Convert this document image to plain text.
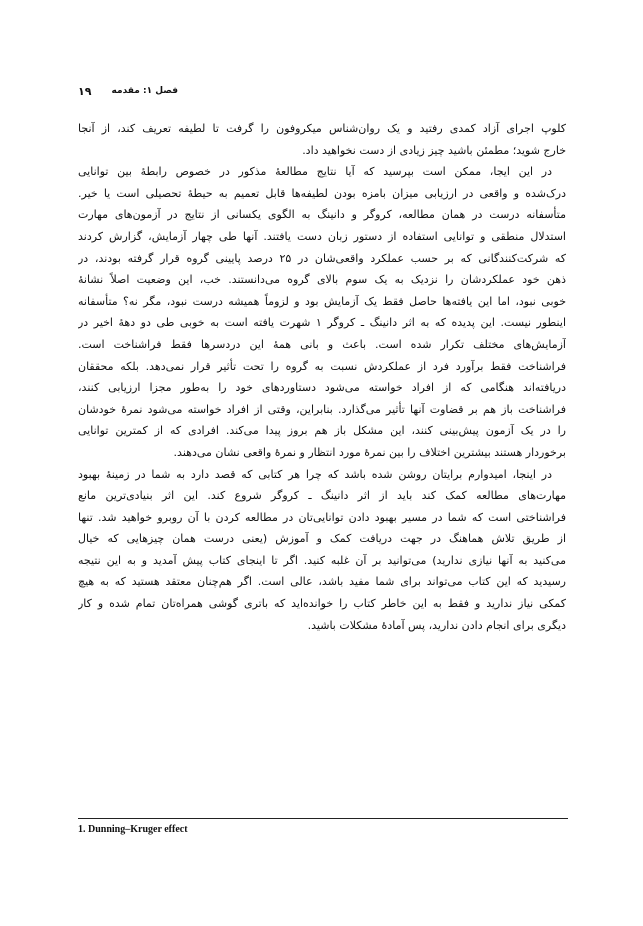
۱۹ فصل ۱: مقدمه
کلوپ اجرای آزاد کمدی رفتید و یک روان‌شناس میکروفون را گرفت تا لطیفه تعریف کند، از آنجا
خارج شوید؛ مطمئن باشید چیز زیادی از دست نخواهید داد.
در این ایجا، ممکن است بپرسید که آیا نتایج مطالعهٔ مذکور در خصوص رابطهٔ بین توانایی
درک‌شده و واقعی در ارزیابی میزان بامزه بودن لطیفه‌ها قابل تعمیم به حیطهٔ تحصیلی است یا خیر.
متأسفانه درست در همان مطالعه، کروگر و دانینگ به الگوی یکسانی از نتایج در آزمون‌های مهارت
استدلال منطقی و توانایی استفاده از دستور زبان دست یافتند. آنها طی چهار آزمایش، گزارش کردند
که شرکت‌کنندگانی که بر حسب عملکرد واقعی‌شان در ۲۵ درصد پایینی گروه قرار گرفته بودند، در
ذهن خود عملکردشان را نزدیک به یک سوم بالای گروه می‌دانستند. خب، این وضعیت اصلاً نشانهٔ
خوبی نبود، اما این یافته‌ها حاصل فقط یک آزمایش بود و لزوماً همیشه درست نبود، مگر نه؟ متأسفانه
اینطور نیست. این پدیده که به اثر دانینگ ـ کروگر ۱ شهرت یافته است به خوبی طی دو دههٔ اخیر در
آزمایش‌های مختلف تکرار شده است. باعث و بانی همهٔ این دردسرها فقط فراشناخت است.
فراشناخت فقط برآورد فرد از عملکردش نسبت به گروه را تحت تأثیر قرار نمی‌دهد. بلکه محققان
دریافته‌اند هنگامی که از افراد خواسته می‌شود دستاوردهای خود را به‌طور مجزا ارزیابی کنند،
فراشناخت باز هم بر قضاوت آنها تأثیر می‌گذارد. بنابراین، وقتی از افراد خواسته می‌شود نمرهٔ خودشان
را در یک آزمون پیش‌بینی کنند، این مشکل باز هم بروز پیدا می‌کند. افرادی که از کمترین توانایی
برخوردار هستند بیشترین اختلاف را بین نمرهٔ مورد انتظار و نمرهٔ واقعی نشان می‌دهند.
در اینجا، امیدوارم برایتان روشن شده باشد که چرا هر کتابی که قصد دارد به شما در زمینهٔ بهبود
مهارت‌های مطالعه کمک کند باید از اثر دانینگ ـ کروگر شروع کند. این اثر بنیادی‌ترین مانع
فراشناختی است که شما در مسیر بهبود دادن توانایی‌تان در مطالعه کردن با آن روبرو خواهید شد. تنها
از طریق تلاش هماهنگ در جهت دریافت کمک و آموزش (یعنی درست همان چیزهایی که خیال
می‌کنید به آنها نیازی ندارید) می‌توانید بر آن غلبه کنید. اگر تا اینجای کتاب پیش آمدید و به این نتیجه
رسیدید که این کتاب می‌تواند برای شما مفید باشد، عالی است. اگر هم‌چنان معتقد هستید که به هیچ
کمکی نیاز ندارید و فقط به این خاطر کتاب را خوانده‌اید که باتری گوشی همراه‌تان تمام شده و کار
دیگری برای انجام دادن ندارید، پس آمادهٔ مشکلات باشید.
1. Dunning–Kruger effect
